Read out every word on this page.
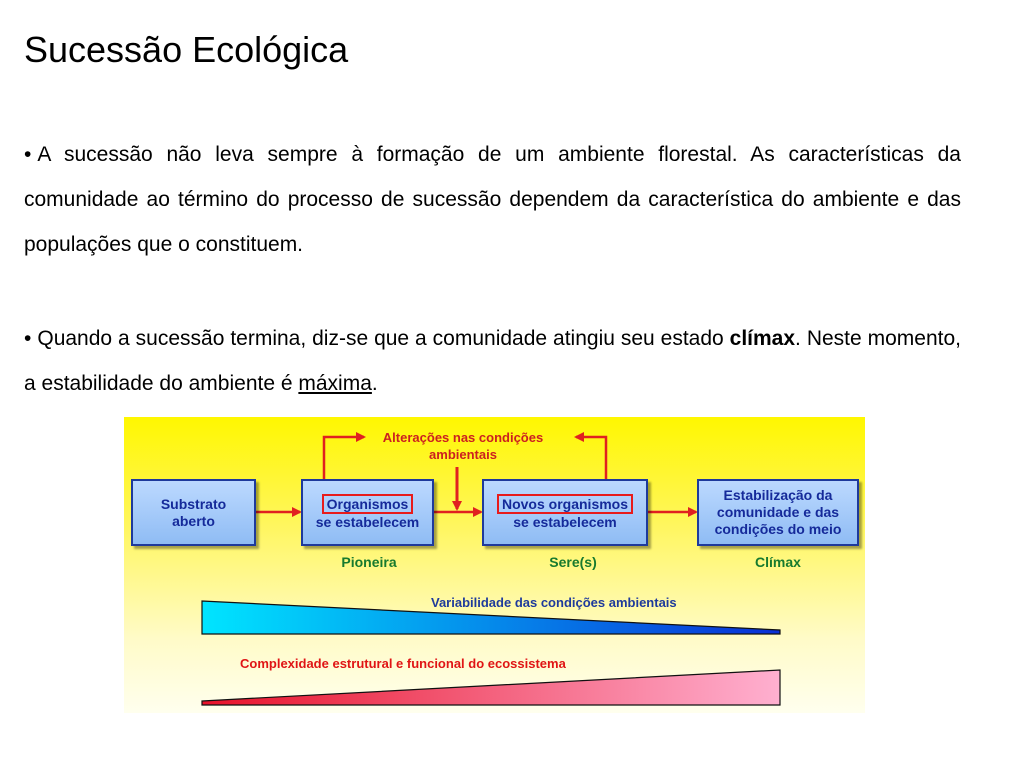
Sucessão Ecológica

• A sucessão não leva sempre à formação de um ambiente florestal. As características da comunidade ao término do processo de sucessão dependem da característica do ambiente e das populações que o constituem.

• Quando a sucessão termina, diz-se que a comunidade atingiu seu estado clímax. Neste momento, a estabilidade do ambiente é máxima.

Alterações nas condições
ambientais
Substrato
aberto
Organismos
se estabelecem
Novos organismos
se estabelecem
Estabilização da
comunidade e das
condições do meio
Pioneira	Sere(s)	Clímax
Variabilidade das condições ambientais
Complexidade estrutural e funcional do ecossistema
